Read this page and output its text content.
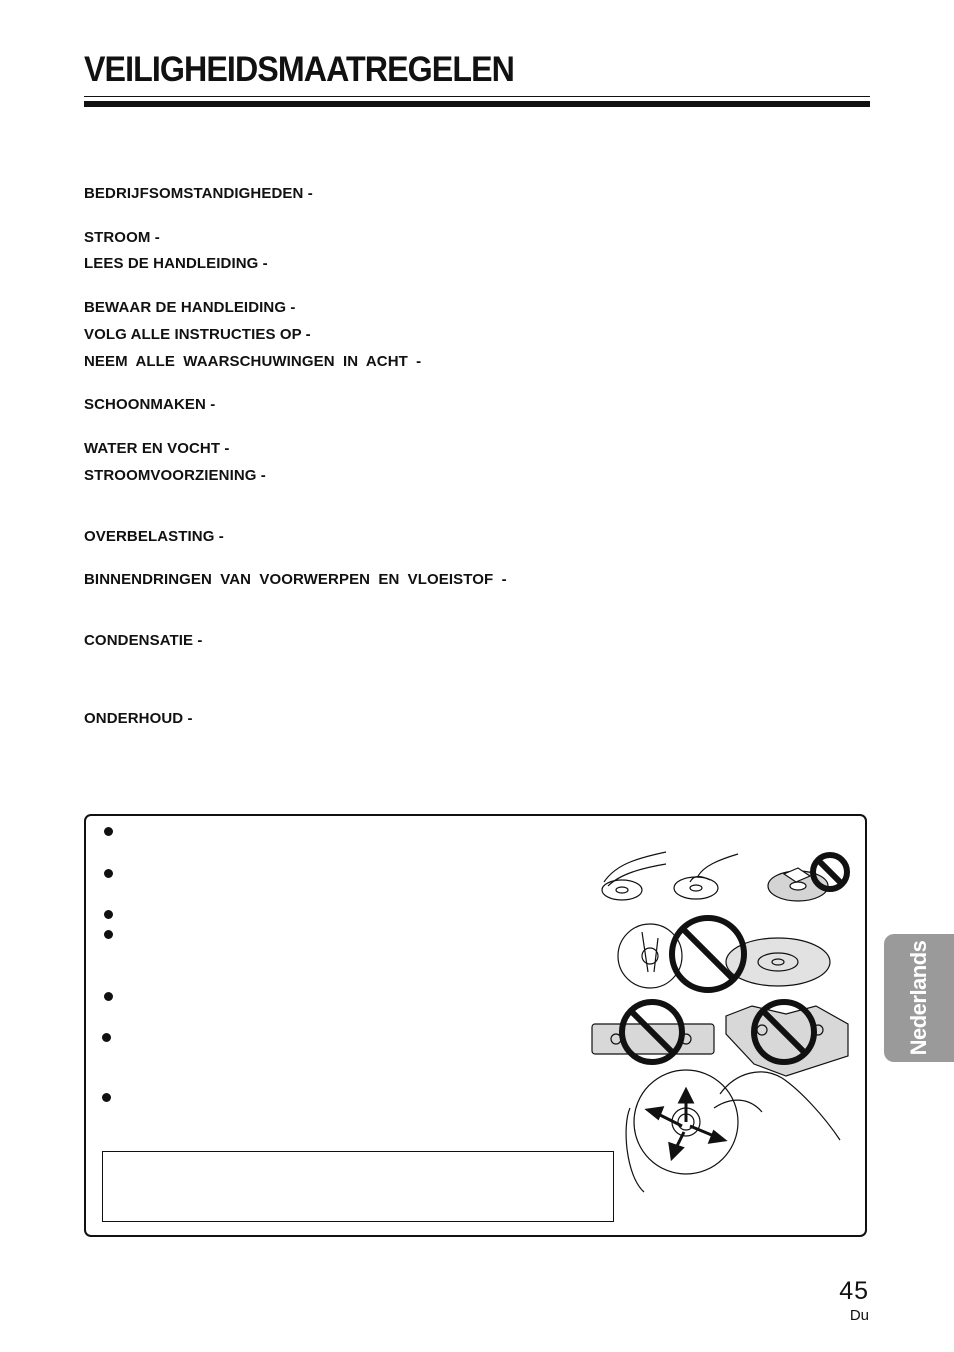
VEILIGHEIDSMAATREGELEN
BEDRIJFSOMSTANDIGHEDEN -
STROOM -
LEES DE HANDLEIDING -
BEWAAR DE HANDLEIDING -
VOLG ALLE INSTRUCTIES OP -
NEEM ALLE WAARSCHUWINGEN IN ACHT -
SCHOONMAKEN -
WATER EN VOCHT -
STROOMVOORZIENING -
OVERBELASTING -
BINNENDRINGEN VAN VOORWERPEN EN VLOEISTOF -
CONDENSATIE -
ONDERHOUD -
Nederlands
45
Du
